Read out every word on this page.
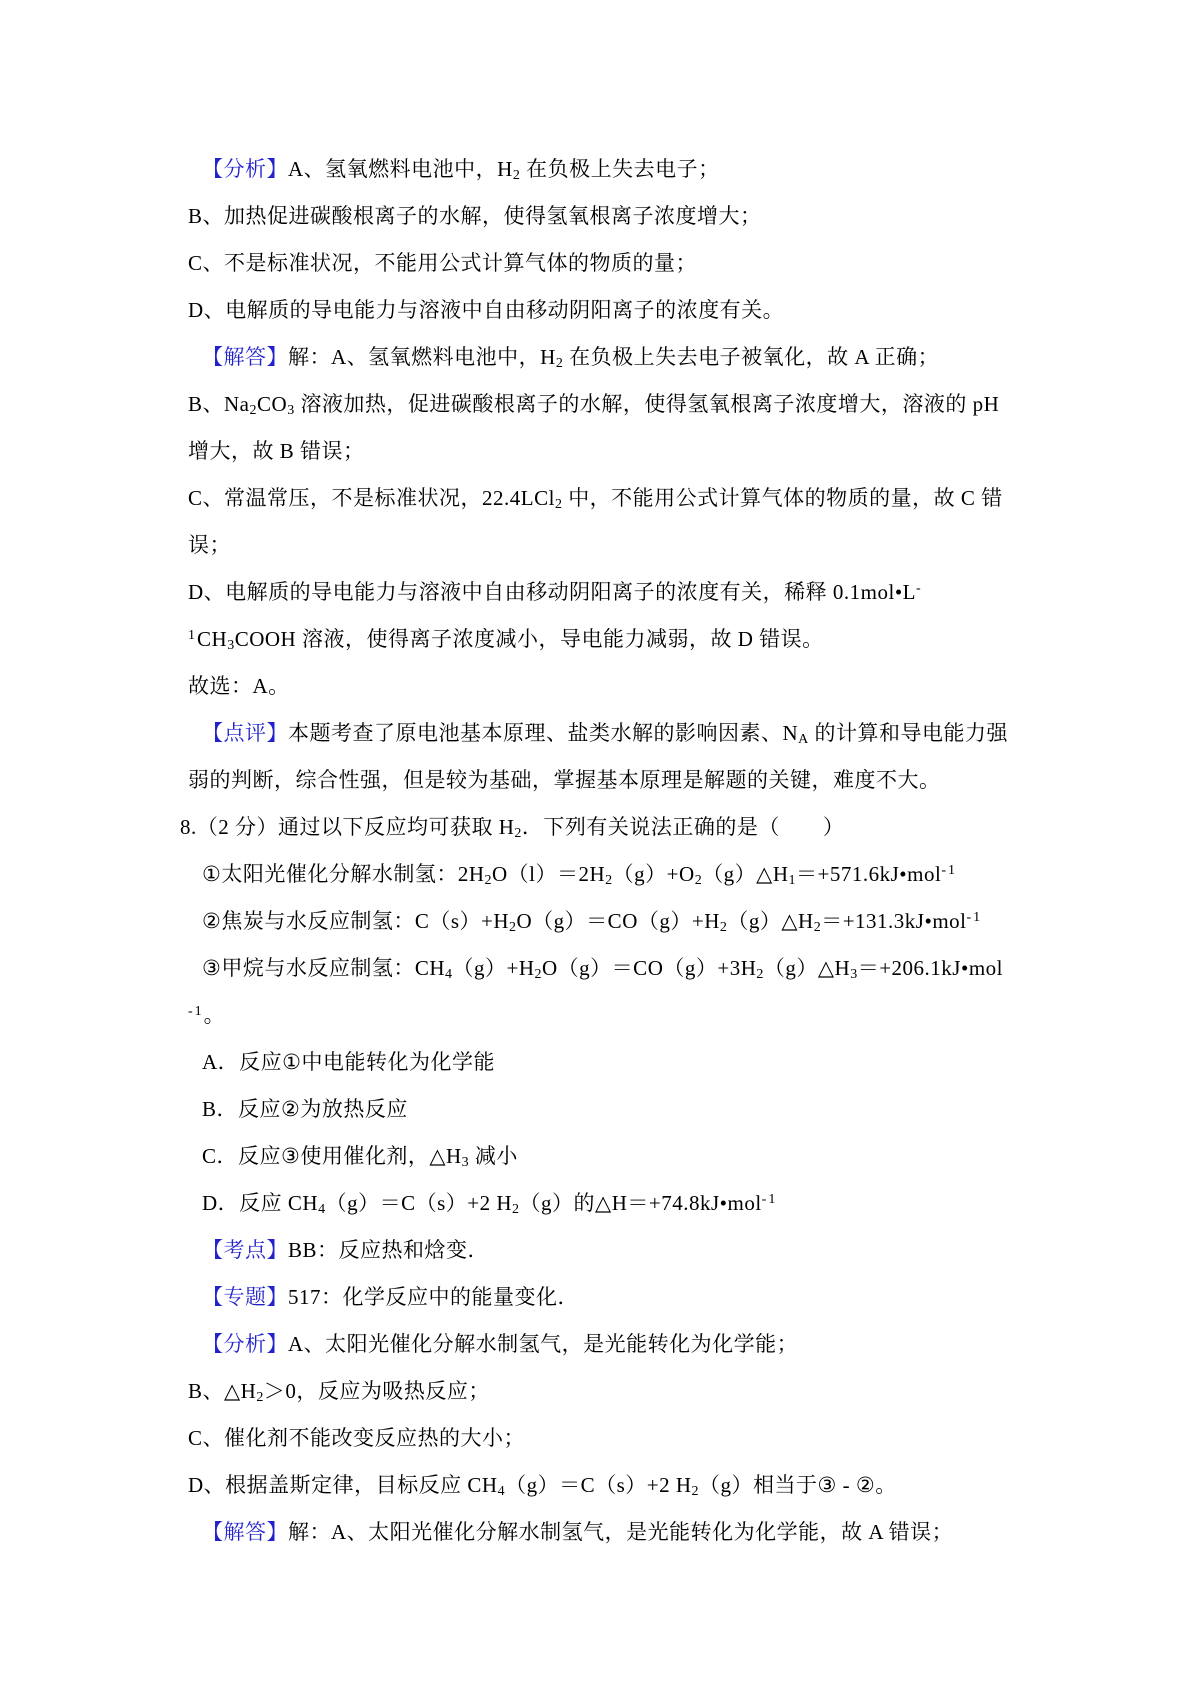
【分析】A、氢氧燃料电池中，$H_2$ 在负极上失去电子；
B、加热促进碳酸根离子的水解，使得氢氧根离子浓度增大；
C、不是标准状况，不能用公式计算气体的物质的量；
D、电解质的导电能力与溶液中自由移动阴阳离子的浓度有关。
【解答】解：A、氢氧燃料电池中，$H_2$ 在负极上失去电子被氧化，故 A 正确；
B、$Na_2CO_3$ 溶液加热，促进碳酸根离子的水解，使得氢氧根离子浓度增大，溶液的 pH
增大，故 B 错误；
C、常温常压，不是标准状况，22.4LCl$_2$ 中，不能用公式计算气体的物质的量，故 C 错
误；
D、电解质的导电能力与溶液中自由移动阴阳离子的浓度有关，稀释 0.1mol•L-
$^1CH_3COOH$ 溶液，使得离子浓度减小，导电能力减弱，故 D 错误。
故选：A。
【点评】本题考查了原电池基本原理、盐类水解的影响因素、$N_A$ 的计算和导电能力强
弱的判断，综合性强，但是较为基础，掌握基本原理是解题的关键，难度不大。
8.（2 分）通过以下反应均可获取 $H_2$．下列有关说法正确的是（　　）
①太阳光催化分解水制氢：$2H_2O(l)=2H_2(g)+O_2(g)\triangle H_1=+571.6kJ•mol^{-1}$
②焦炭与水反应制氢：$C(s)+H_2O(g)=CO(g)+H_2(g)\triangle H_2=+131.3kJ•mol^{-1}$
③甲烷与水反应制氢：$CH_4(g)+H_2O(g)=CO(g)+3H_2(g)\triangle H_3=+206.1kJ•mol$
$^{-1}$。
A．反应①中电能转化为化学能
B．反应②为放热反应
C．反应③使用催化剂，$\triangle H_3$ 减小
D．反应 $CH_4(g)=C(s)+2$ $H_2(g)$的△H＝+74.8kJ•mol$^{-1}$
【考点】BB：反应热和焓变．
【专题】517：化学反应中的能量变化．
【分析】A、太阳光催化分解水制氢气，是光能转化为化学能；
B、$\triangle H_2>0$，反应为吸热反应；
C、催化剂不能改变反应热的大小；
D、根据盖斯定律，目标反应 $CH_4(g)=C(s)+2$ $H_2(g)$相当于③ - ②。
【解答】解：A、太阳光催化分解水制氢气，是光能转化为化学能，故 A 错误；
